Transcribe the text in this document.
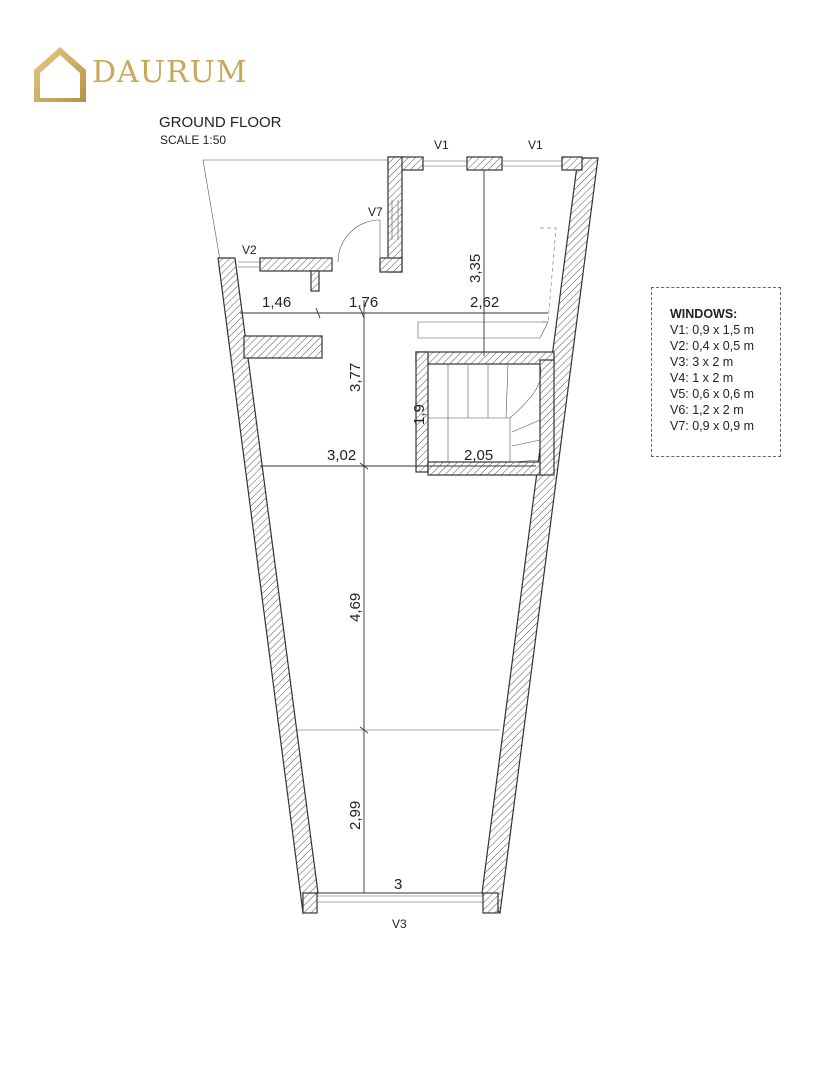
DAURUM
GROUND FLOOR
SCALE 1:50
1,46	1,76	2,62
3,35
3,77
1,9
3,02	2,05
4,69
2,99
3
V1	V1
V2
V7
V3
WINDOWS:
V1: 0,9 x 1,5 m
V2: 0,4 x 0,5 m
V3: 3 x 2 m
V4: 1 x 2 m
V5: 0,6 x 0,6 m
V6: 1,2 x 2 m
V7: 0,9 x 0,9 m
